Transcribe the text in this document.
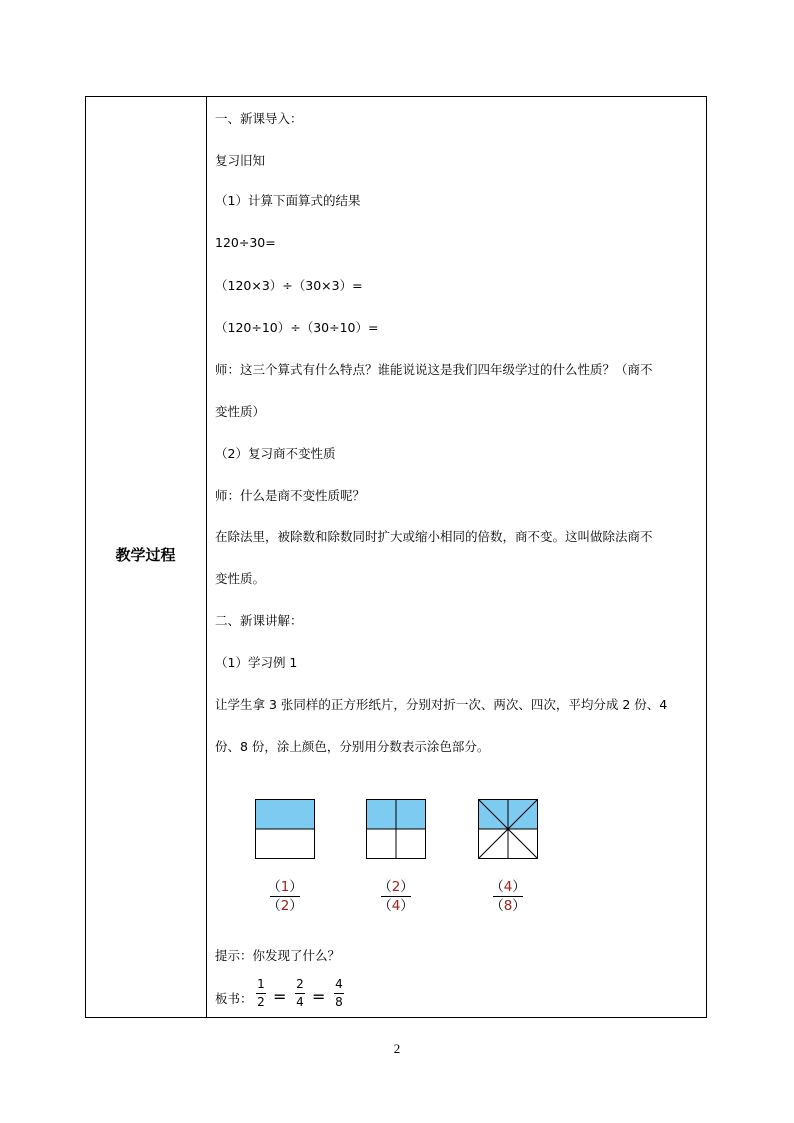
教学过程
一、新课导入：
复习旧知
（1）计算下面算式的结果
120÷30=
（120×3）÷（30×3）=
（120÷10）÷（30÷10）=
师：这三个算式有什么特点？谁能说说这是我们四年级学过的什么性质？（商不
变性质）
（2）复习商不变性质
师：什么是商不变性质呢？
在除法里，被除数和除数同时扩大或缩小相同的倍数，商不变。这叫做除法商不
变性质。
二、新课讲解：
（1）学习例 1
让学生拿 3 张同样的正方形纸片，分别对折一次、两次、四次，平均分成 2 份、4
份、8 份，涂上颜色，分别用分数表示涂色部分。
（1）
（2）
（2）
（4）
（4）
（8）
提示：你发现了什么？
板书：
1
2 =
2
4 =
4
8
2
